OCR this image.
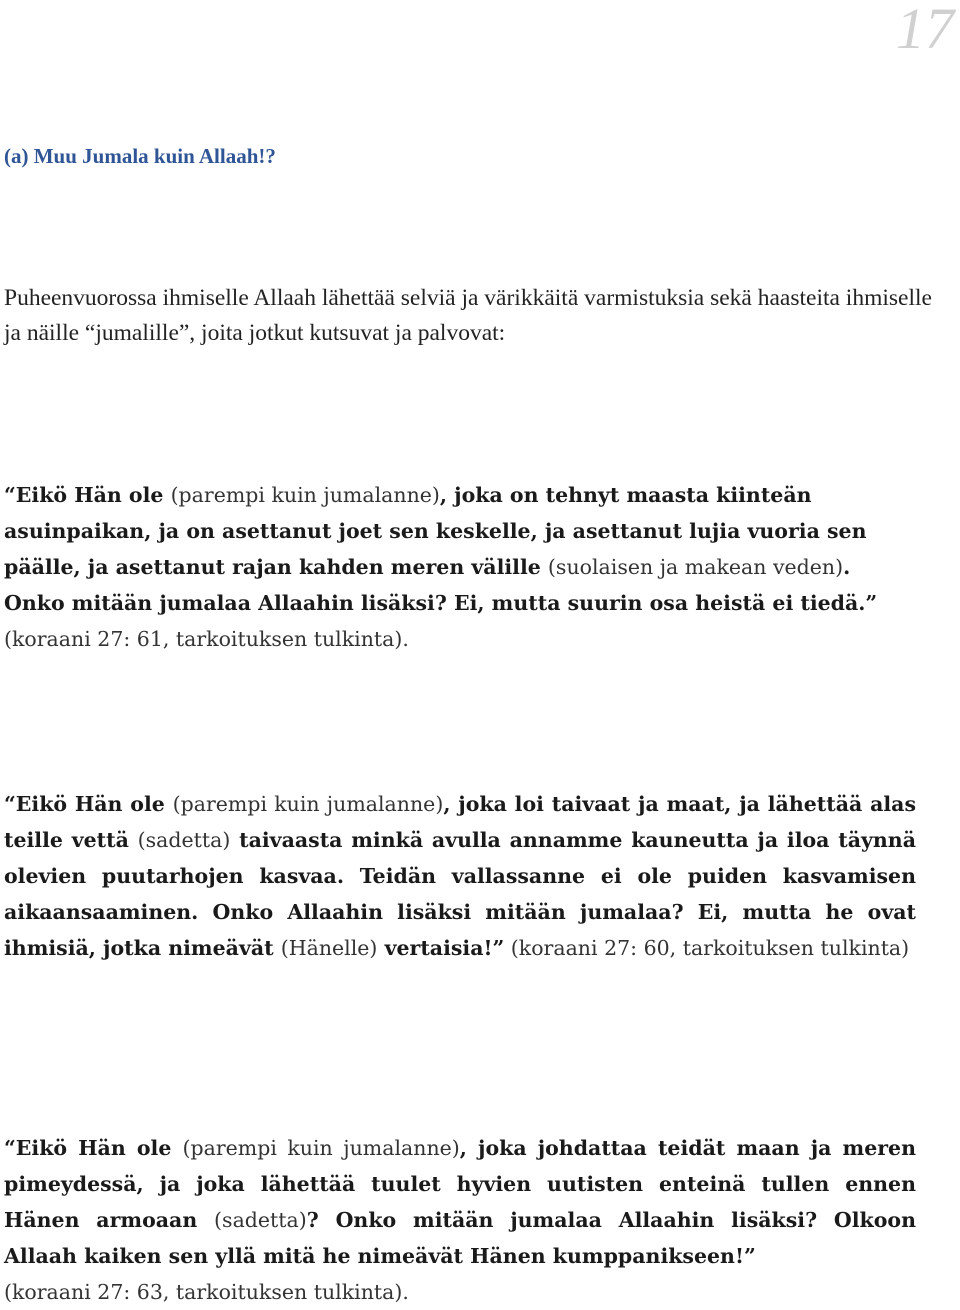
17
(a) Muu Jumala kuin Allaah!?
Puheenvuorossa ihmiselle Allaah lähettää selviä ja värikkäitä varmistuksia sekä haasteita ihmiselle ja näille “jumalille”, joita jotkut kutsuvat ja palvovat:
“Eikö Hän ole (parempi kuin jumalanne), joka on tehnyt maasta kiinteän asuinpaikan, ja on asettanut joet sen keskelle, ja asettanut lujia vuoria sen päälle, ja asettanut rajan kahden meren välille (suolaisen ja makean veden). Onko mitään jumalaa Allaahin lisäksi? Ei, mutta suurin osa heistä ei tiedä.”
(koraani 27: 61, tarkoituksen tulkinta).
“Eikö Hän ole (parempi kuin jumalanne), joka loi taivaat ja maat, ja lähettää alas teille vettä (sadetta) taivaasta minkä avulla annamme kauneutta ja iloa täynnä olevien puutarhojen kasvaa. Teidän vallassanne ei ole puiden kasvamisen aikaansaaminen. Onko Allaahin lisäksi mitään jumalaa? Ei, mutta he ovat ihmisiä, jotka nimeävät (Hänelle) vertaisia!” (koraani 27: 60, tarkoituksen tulkinta)
“Eikö Hän ole (parempi kuin jumalanne), joka johdattaa teidät maan ja meren pimeydessä, ja joka lähettää tuulet hyvien uutisten enteinä tullen ennen Hänen armoaan (sadetta)? Onko mitään jumalaa Allaahin lisäksi? Olkoon Allaah kaiken sen yllä mitä he nimeävät Hänen kumppanikseen!”
(koraani 27: 63, tarkoituksen tulkinta).
